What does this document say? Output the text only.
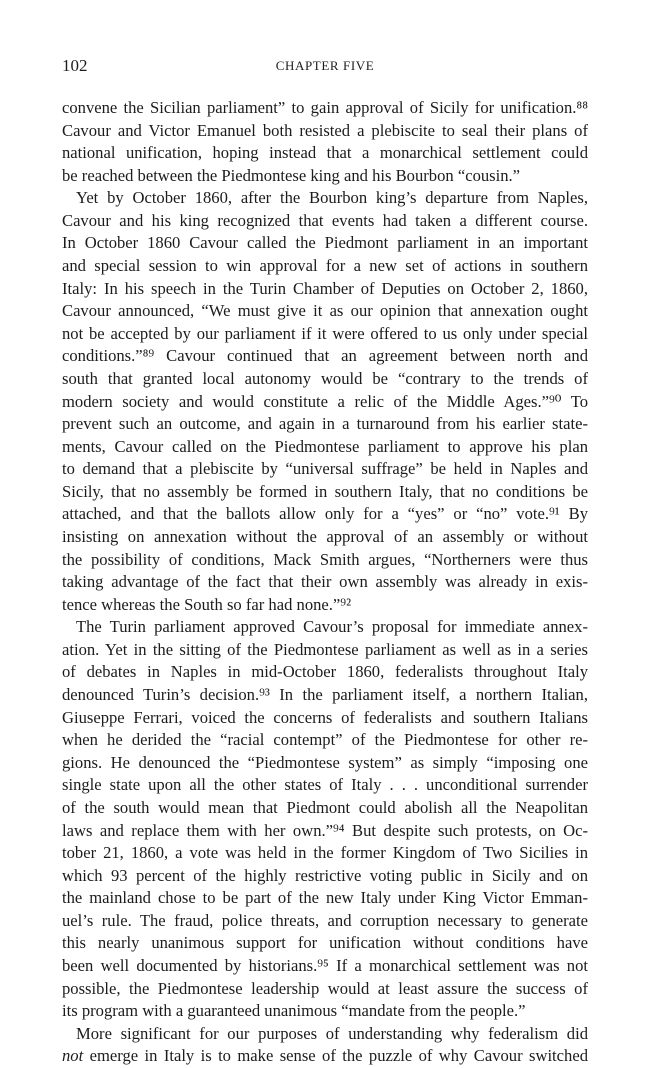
102	CHAPTER FIVE
convene the Sicilian parliament” to gain approval of Sicily for unification.⁸⁸
Cavour and Victor Emanuel both resisted a plebiscite to seal their plans of
national unification, hoping instead that a monarchical settlement could
be reached between the Piedmontese king and his Bourbon “cousin.”
Yet by October 1860, after the Bourbon king’s departure from Naples,
Cavour and his king recognized that events had taken a different course.
In October 1860 Cavour called the Piedmont parliament in an important
and special session to win approval for a new set of actions in southern
Italy: In his speech in the Turin Chamber of Deputies on October 2, 1860,
Cavour announced, “We must give it as our opinion that annexation ought
not be accepted by our parliament if it were offered to us only under special
conditions.”⁸⁹ Cavour continued that an agreement between north and
south that granted local autonomy would be “contrary to the trends of
modern society and would constitute a relic of the Middle Ages.”⁹⁰ To
prevent such an outcome, and again in a turnaround from his earlier state-
ments, Cavour called on the Piedmontese parliament to approve his plan
to demand that a plebiscite by “universal suffrage” be held in Naples and
Sicily, that no assembly be formed in southern Italy, that no conditions be
attached, and that the ballots allow only for a “yes” or “no” vote.⁹¹ By
insisting on annexation without the approval of an assembly or without
the possibility of conditions, Mack Smith argues, “Northerners were thus
taking advantage of the fact that their own assembly was already in exis-
tence whereas the South so far had none.”⁹²
The Turin parliament approved Cavour’s proposal for immediate annex-
ation. Yet in the sitting of the Piedmontese parliament as well as in a series
of debates in Naples in mid-October 1860, federalists throughout Italy
denounced Turin’s decision.⁹³ In the parliament itself, a northern Italian,
Giuseppe Ferrari, voiced the concerns of federalists and southern Italians
when he derided the “racial contempt” of the Piedmontese for other re-
gions. He denounced the “Piedmontese system” as simply “imposing one
single state upon all the other states of Italy . . . unconditional surrender
of the south would mean that Piedmont could abolish all the Neapolitan
laws and replace them with her own.”⁹⁴ But despite such protests, on Oc-
tober 21, 1860, a vote was held in the former Kingdom of Two Sicilies in
which 93 percent of the highly restrictive voting public in Sicily and on
the mainland chose to be part of the new Italy under King Victor Emman-
uel’s rule. The fraud, police threats, and corruption necessary to generate
this nearly unanimous support for unification without conditions have
been well documented by historians.⁹⁵ If a monarchical settlement was not
possible, the Piedmontese leadership would at least assure the success of
its program with a guaranteed unanimous “mandate from the people.”
More significant for our purposes of understanding why federalism did
not emerge in Italy is to make sense of the puzzle of why Cavour switched
